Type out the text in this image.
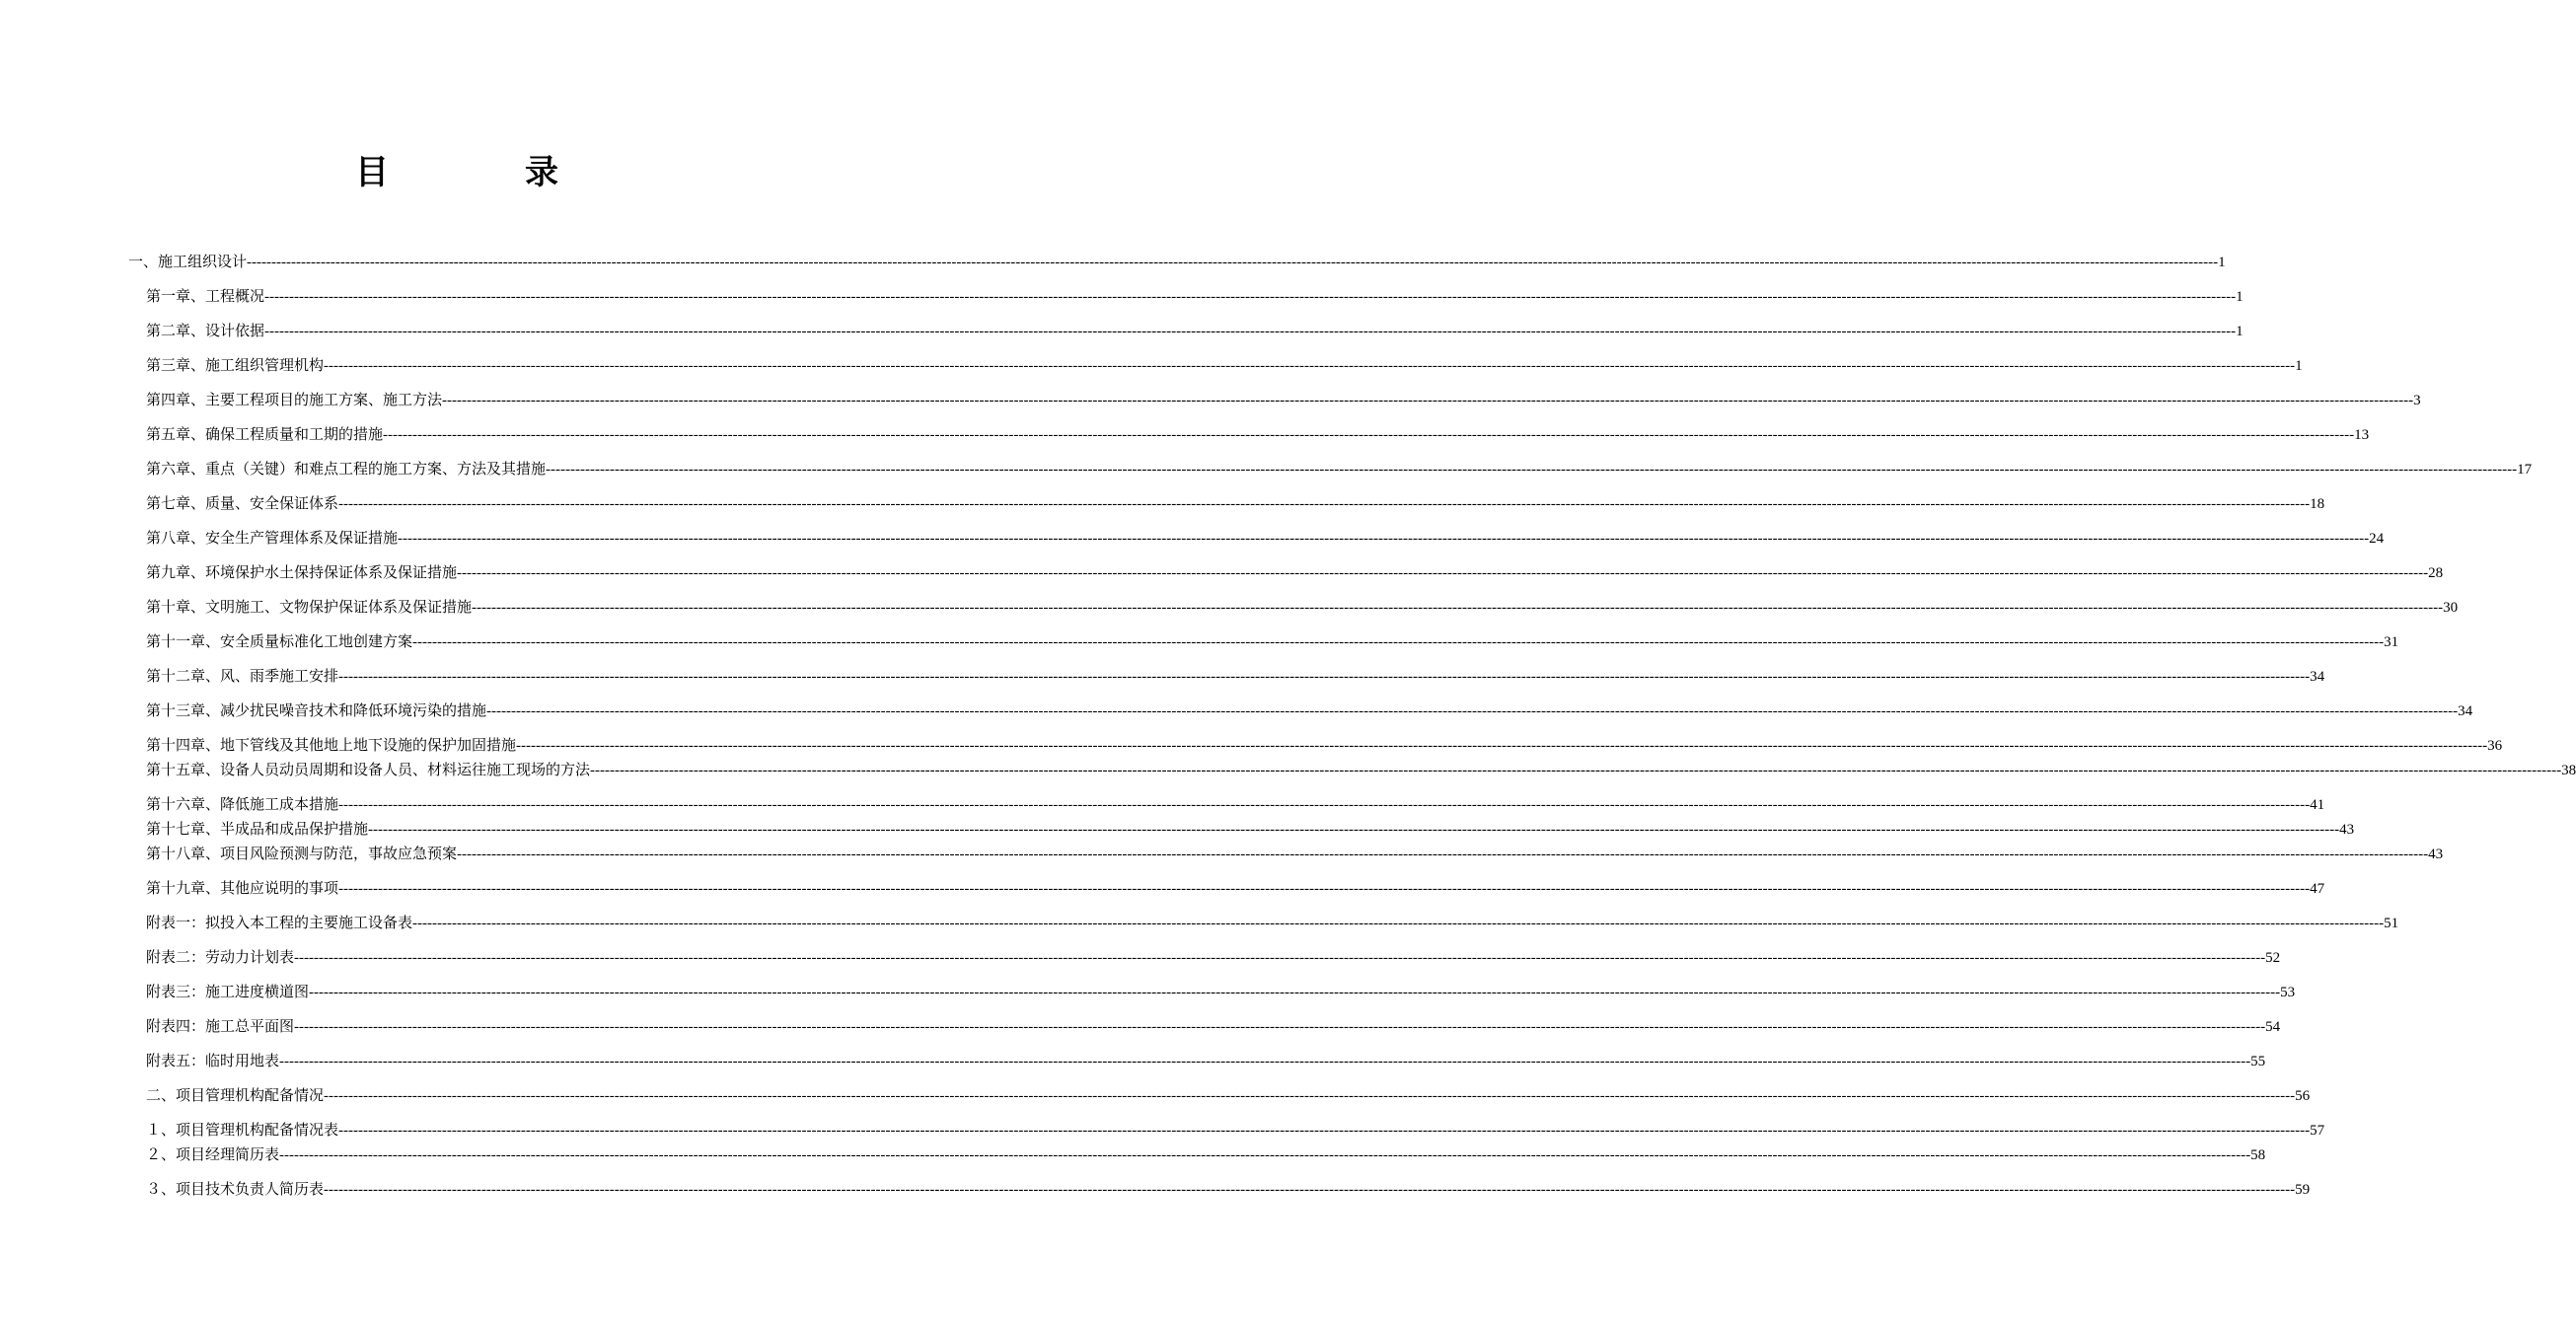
目　录
一、施工组织设计 ---------------------------------------------------------------------------------------------------------------------------------------------------------------------------------------------------------------------------------------------------------------------------------------------------------------------------------------------------------------------------------------------------------------- 1
第一章、工程概况 ---------------------------------------------------------------------------------------------------------------------------------------------------------------------------------------------------------------------------------------------------------------------------------------------------------------------------------------------------------------------------------------------------------------- 1
第二章、设计依据 ---------------------------------------------------------------------------------------------------------------------------------------------------------------------------------------------------------------------------------------------------------------------------------------------------------------------------------------------------------------------------------------------------------------- 1
第三章、施工组织管理机构 ---------------------------------------------------------------------------------------------------------------------------------------------------------------------------------------------------------------------------------------------------------------------------------------------------------------------------------------------------------------------------------------------------------------- 1
第四章、主要工程项目的施工方案、施工方法 ---------------------------------------------------------------------------------------------------------------------------------------------------------------------------------------------------------------------------------------------------------------------------------------------------------------------------------------------------------------------------------------------------------------- 3
第五章、确保工程质量和工期的措施 ---------------------------------------------------------------------------------------------------------------------------------------------------------------------------------------------------------------------------------------------------------------------------------------------------------------------------------------------------------------------------------------------------------------- 13
第六章、重点（关键）和难点工程的施工方案、方法及其措施 ---------------------------------------------------------------------------------------------------------------------------------------------------------------------------------------------------------------------------------------------------------------------------------------------------------------------------------------------------------------------------------------------------------------- 17
第七章、质量、安全保证体系 ---------------------------------------------------------------------------------------------------------------------------------------------------------------------------------------------------------------------------------------------------------------------------------------------------------------------------------------------------------------------------------------------------------------- 18
第八章、安全生产管理体系及保证措施 ---------------------------------------------------------------------------------------------------------------------------------------------------------------------------------------------------------------------------------------------------------------------------------------------------------------------------------------------------------------------------------------------------------------- 24
第九章、环境保护水土保持保证体系及保证措施 ---------------------------------------------------------------------------------------------------------------------------------------------------------------------------------------------------------------------------------------------------------------------------------------------------------------------------------------------------------------------------------------------------------------- 28
第十章、文明施工、文物保护保证体系及保证措施 ---------------------------------------------------------------------------------------------------------------------------------------------------------------------------------------------------------------------------------------------------------------------------------------------------------------------------------------------------------------------------------------------------------------- 30
第十一章、安全质量标准化工地创建方案 ---------------------------------------------------------------------------------------------------------------------------------------------------------------------------------------------------------------------------------------------------------------------------------------------------------------------------------------------------------------------------------------------------------------- 31
第十二章、风、雨季施工安排 ---------------------------------------------------------------------------------------------------------------------------------------------------------------------------------------------------------------------------------------------------------------------------------------------------------------------------------------------------------------------------------------------------------------- 34
第十三章、减少扰民噪音技术和降低环境污染的措施 ---------------------------------------------------------------------------------------------------------------------------------------------------------------------------------------------------------------------------------------------------------------------------------------------------------------------------------------------------------------------------------------------------------------- 34
第十四章、地下管线及其他地上地下设施的保护加固措施 ---------------------------------------------------------------------------------------------------------------------------------------------------------------------------------------------------------------------------------------------------------------------------------------------------------------------------------------------------------------------------------------------------------------- 36
第十五章、设备人员动员周期和设备人员、材料运往施工现场的方法 ---------------------------------------------------------------------------------------------------------------------------------------------------------------------------------------------------------------------------------------------------------------------------------------------------------------------------------------------------------------------------------------------------------------- 38
第十六章、降低施工成本措施 ---------------------------------------------------------------------------------------------------------------------------------------------------------------------------------------------------------------------------------------------------------------------------------------------------------------------------------------------------------------------------------------------------------------- 41
第十七章、半成品和成品保护措施 ---------------------------------------------------------------------------------------------------------------------------------------------------------------------------------------------------------------------------------------------------------------------------------------------------------------------------------------------------------------------------------------------------------------- 43
第十八章、项目风险预测与防范，事故应急预案 ---------------------------------------------------------------------------------------------------------------------------------------------------------------------------------------------------------------------------------------------------------------------------------------------------------------------------------------------------------------------------------------------------------------- 43
第十九章、其他应说明的事项 ---------------------------------------------------------------------------------------------------------------------------------------------------------------------------------------------------------------------------------------------------------------------------------------------------------------------------------------------------------------------------------------------------------------- 47
附表一：拟投入本工程的主要施工设备表 ---------------------------------------------------------------------------------------------------------------------------------------------------------------------------------------------------------------------------------------------------------------------------------------------------------------------------------------------------------------------------------------------------------------- 51
附表二：劳动力计划表 ---------------------------------------------------------------------------------------------------------------------------------------------------------------------------------------------------------------------------------------------------------------------------------------------------------------------------------------------------------------------------------------------------------------- 52
附表三：施工进度横道图 ---------------------------------------------------------------------------------------------------------------------------------------------------------------------------------------------------------------------------------------------------------------------------------------------------------------------------------------------------------------------------------------------------------------- 53
附表四：施工总平面图 ---------------------------------------------------------------------------------------------------------------------------------------------------------------------------------------------------------------------------------------------------------------------------------------------------------------------------------------------------------------------------------------------------------------- 54
附表五：临时用地表 ---------------------------------------------------------------------------------------------------------------------------------------------------------------------------------------------------------------------------------------------------------------------------------------------------------------------------------------------------------------------------------------------------------------- 55
二、项目管理机构配备情况 ---------------------------------------------------------------------------------------------------------------------------------------------------------------------------------------------------------------------------------------------------------------------------------------------------------------------------------------------------------------------------------------------------------------- 56
１、项目管理机构配备情况表 ---------------------------------------------------------------------------------------------------------------------------------------------------------------------------------------------------------------------------------------------------------------------------------------------------------------------------------------------------------------------------------------------------------------- 57
２、项目经理简历表 ---------------------------------------------------------------------------------------------------------------------------------------------------------------------------------------------------------------------------------------------------------------------------------------------------------------------------------------------------------------------------------------------------------------- 58
３、项目技术负责人简历表 ---------------------------------------------------------------------------------------------------------------------------------------------------------------------------------------------------------------------------------------------------------------------------------------------------------------------------------------------------------------------------------------------------------------- 59
